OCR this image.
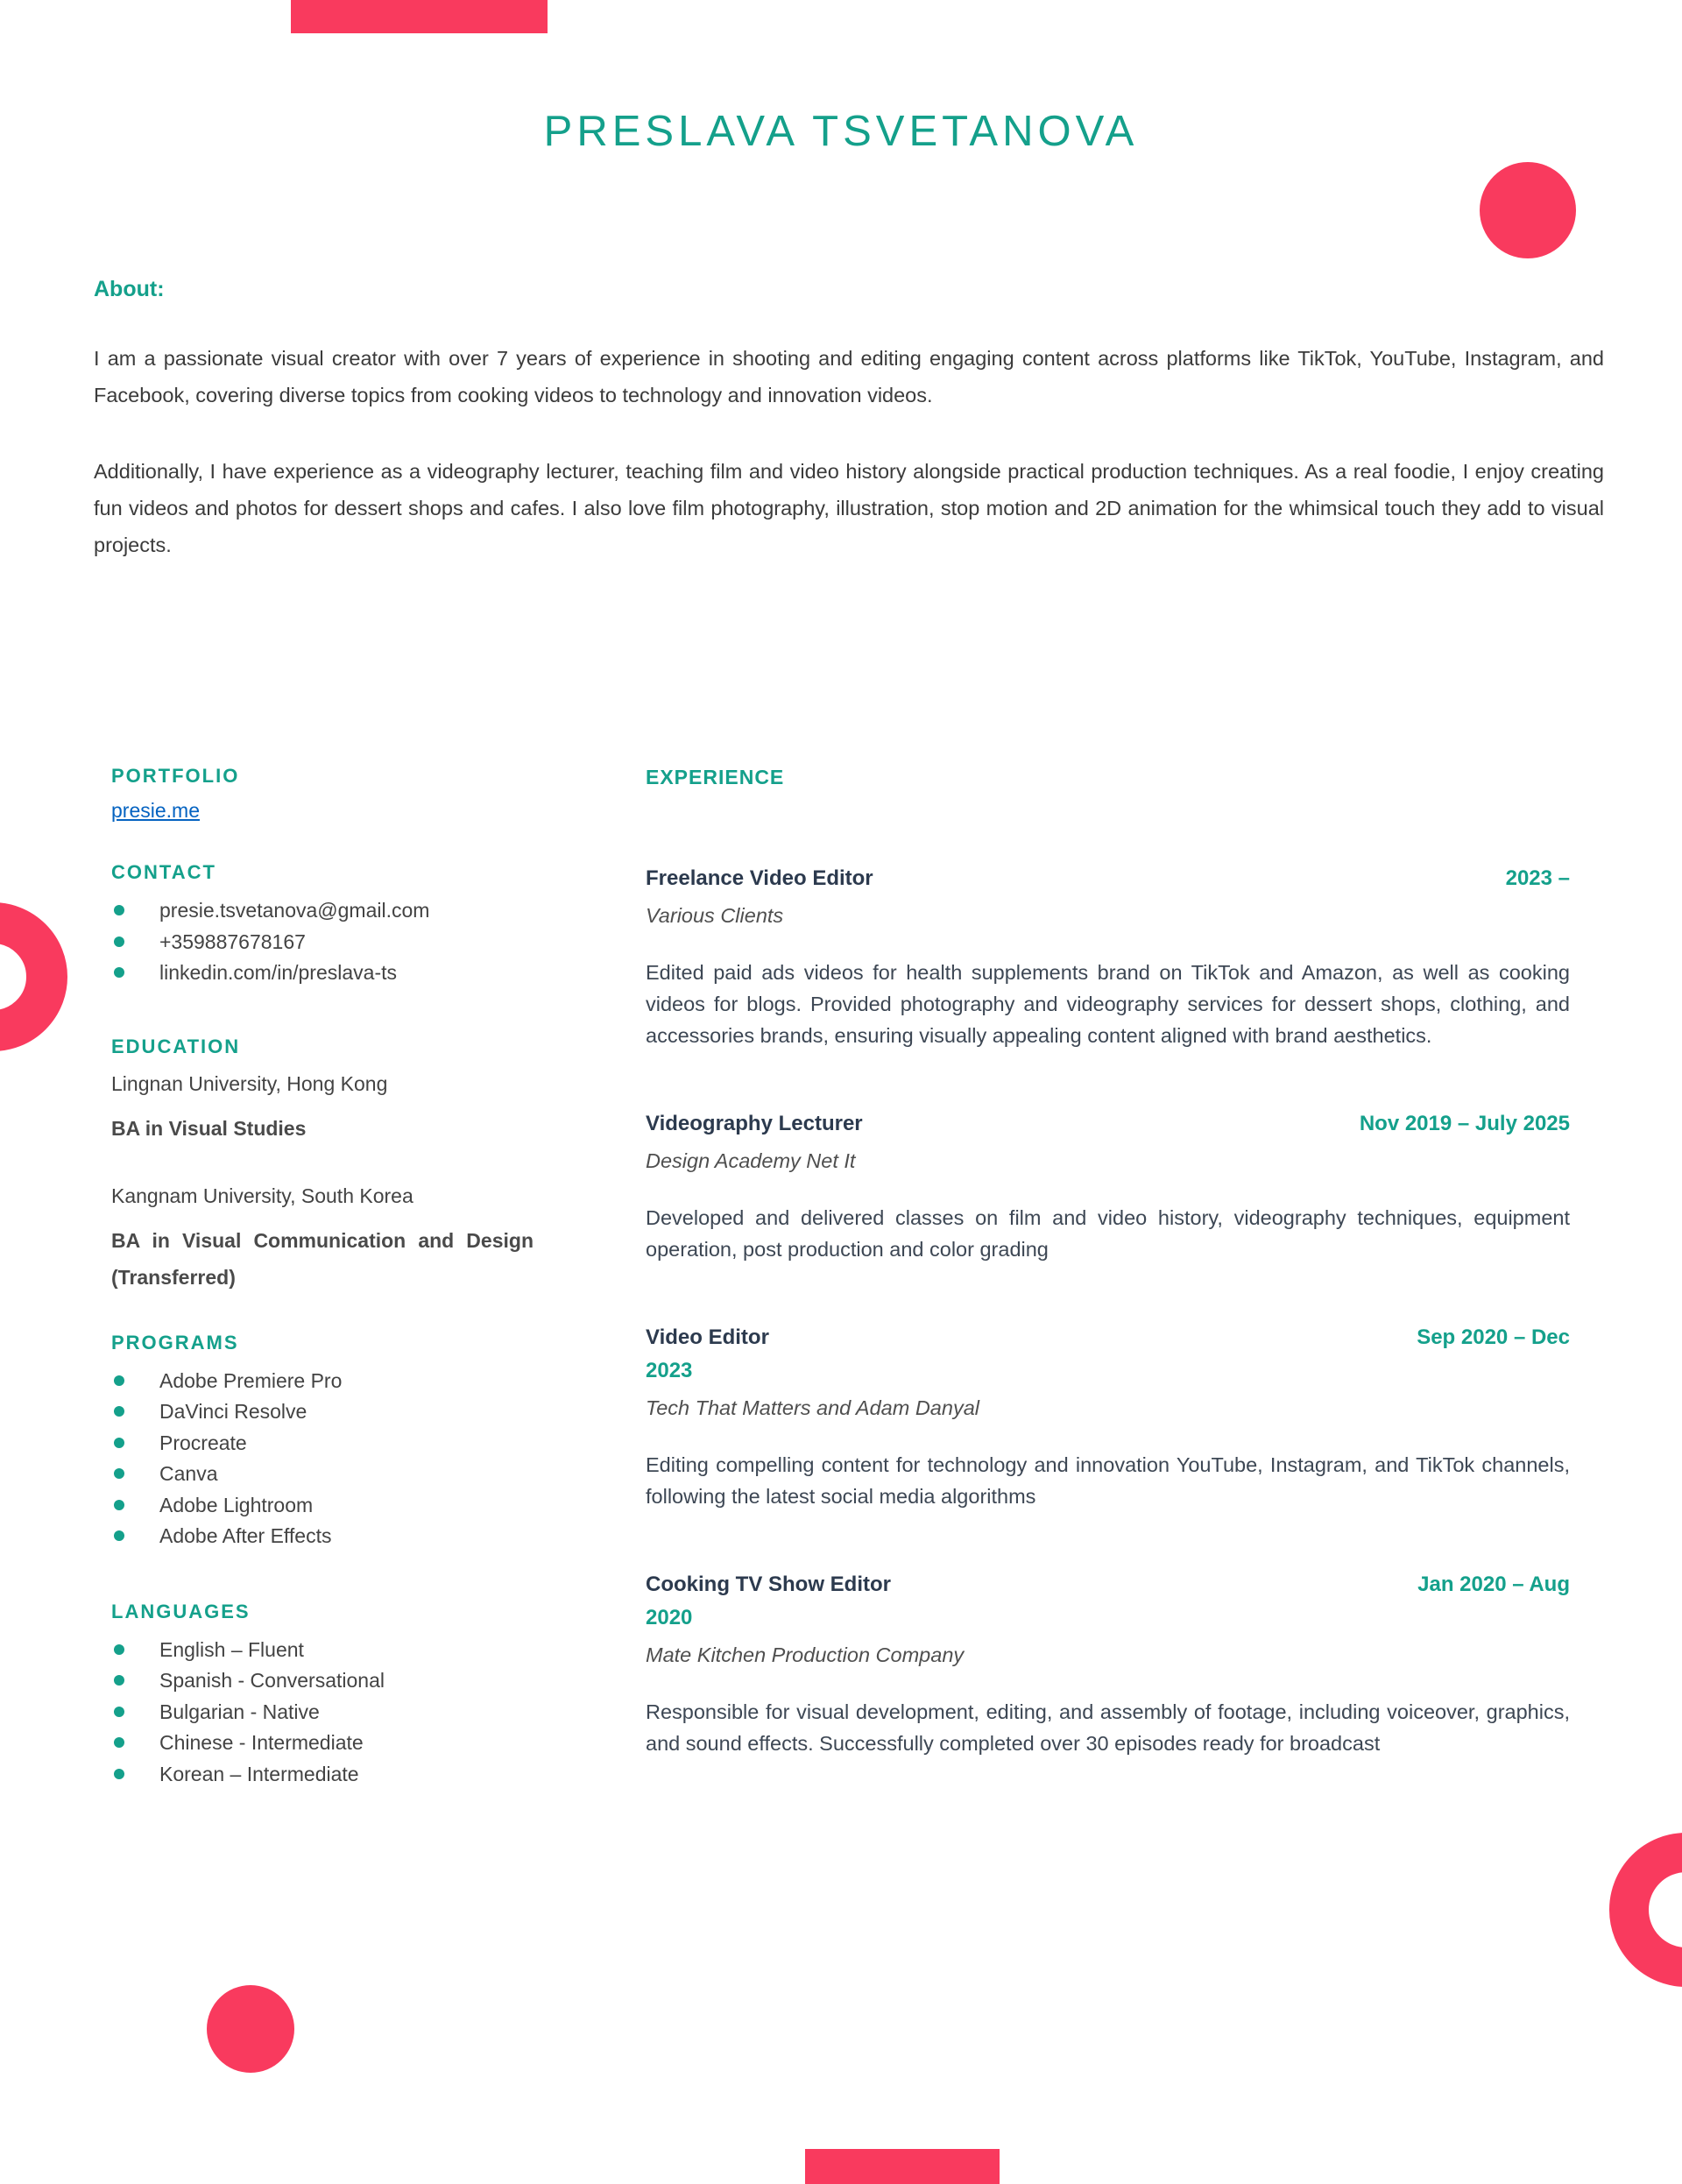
PRESLAVA TSVETANOVA
About:

I am a passionate visual creator with over 7 years of experience in shooting and editing engaging content across platforms like TikTok, YouTube, Instagram, and Facebook, covering diverse topics from cooking videos to technology and innovation videos.

Additionally, I have experience as a videography lecturer, teaching film and video history alongside practical production techniques. As a real foodie, I enjoy creating fun videos and photos for dessert shops and cafes. I also love film photography, illustration, stop motion and 2D animation for the whimsical touch they add to visual projects.

PORTFOLIO
presie.me
CONTACT
presie.tsvetanova@gmail.com
+359887678167
linkedin.com/in/preslava-ts
EDUCATION
Lingnan University, Hong Kong
BA in Visual Studies
Kangnam University, South Korea
BA in Visual Communication and Design (Transferred)
PROGRAMS
Adobe Premiere Pro
DaVinci Resolve
Procreate
Canva
Adobe Lightroom
Adobe After Effects
LANGUAGES
English – Fluent
Spanish - Conversational
Bulgarian - Native
Chinese - Intermediate
Korean – Intermediate
EXPERIENCE
Freelance Video Editor	2023 –
Various Clients
Edited paid ads videos for health supplements brand on TikTok and Amazon, as well as cooking videos for blogs. Provided photography and videography services for dessert shops, clothing, and accessories brands, ensuring visually appealing content aligned with brand aesthetics.
Videography Lecturer	Nov 2019 – July 2025
Design Academy Net It
Developed and delivered classes on film and video history, videography techniques, equipment operation, post production and color grading
Video Editor	Sep 2020 – Dec
2023
Tech That Matters and Adam Danyal
Editing compelling content for technology and innovation YouTube, Instagram, and TikTok channels, following the latest social media algorithms
Cooking TV Show Editor	Jan 2020 – Aug
2020
Mate Kitchen Production Company
Responsible for visual development, editing, and assembly of footage, including voiceover, graphics, and sound effects. Successfully completed over 30 episodes ready for broadcast
